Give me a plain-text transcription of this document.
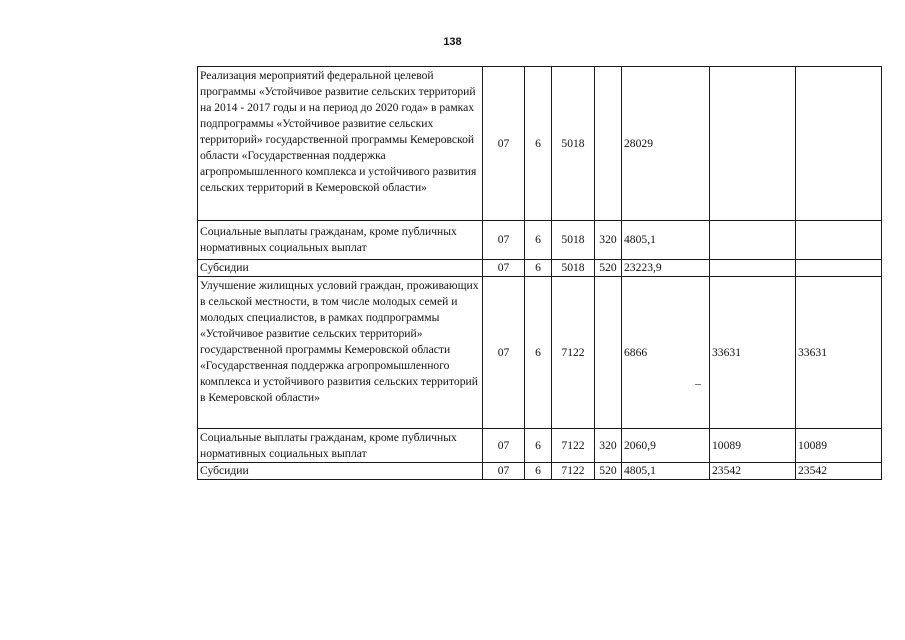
138
Реализация мероприятий федеральной целевой программы «Устойчивое развитие сельских территорий на 2014 - 2017 годы и на период до 2020 года» в рамках подпрограммы «Устойчивое развитие сельских территорий» государственной программы Кемеровской области «Государственная поддержка агропромышленного комплекса и устойчивого развития сельских территорий в Кемеровской области»	07	6	5018		28029		
Социальные выплаты гражданам, кроме публичных нормативных социальных выплат	07	6	5018	320	4805,1		
Субсидии	07	6	5018	520	23223,9		
Улучшение жилищных условий граждан, проживающих в сельской местности, в том числе молодых семей и молодых специалистов, в рамках подпрограммы «Устойчивое развитие сельских территорий» государственной программы Кемеровской области «Государственная поддержка агропромышленного комплекса и устойчивого развития сельских территорий в Кемеровской области»	07	6	7122		6866	33631	33631
Социальные выплаты гражданам, кроме публичных нормативных социальных выплат	07	6	7122	320	2060,9	10089	10089
Субсидии	07	6	7122	520	4805,1	23542	23542
